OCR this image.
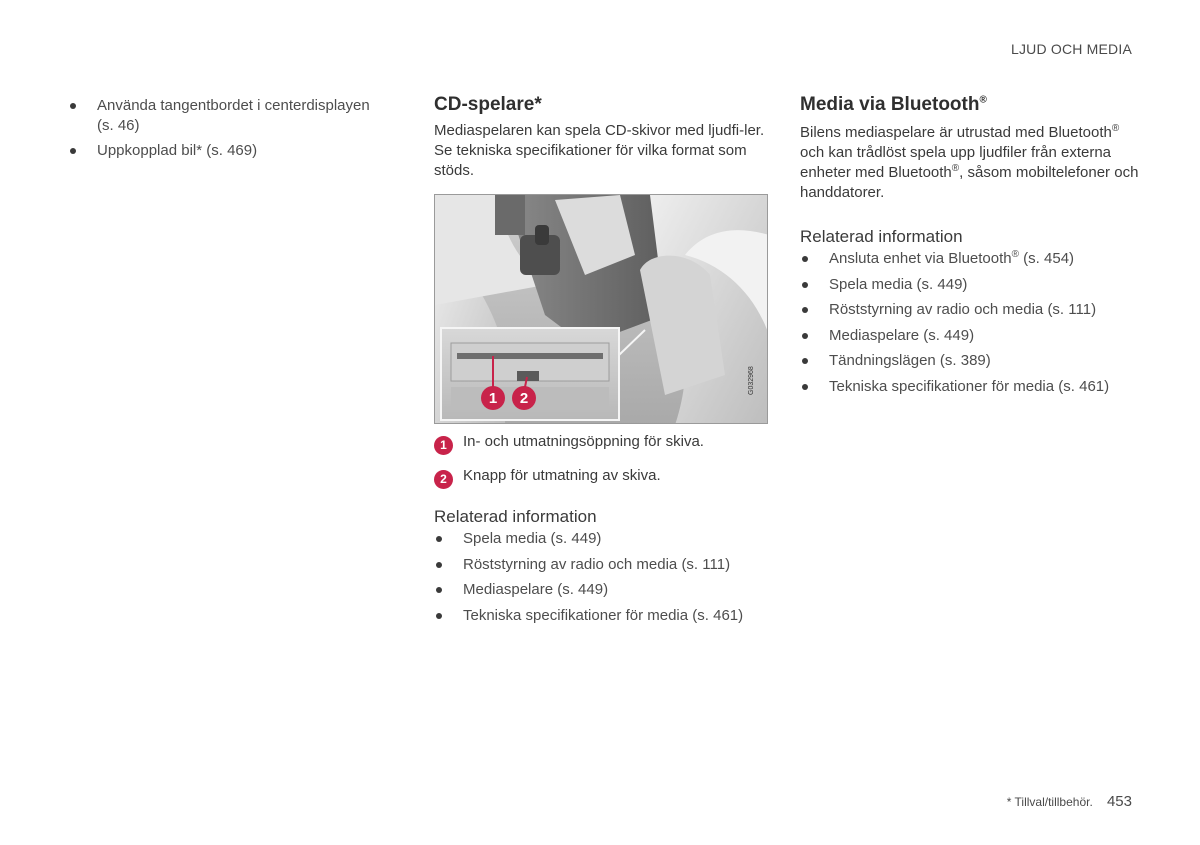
LJUD OCH MEDIA
Använda tangentbordet i centerdisplayen (s. 46)
Uppkopplad bil* (s. 469)
CD-spelare*

Mediaspelaren kan spela CD-skivor med ljudfi-ler. Se tekniska specifikationer för vilka format som stöds.

1 2
G032968
1	In- och utmatningsöppning för skiva.
2	Knapp för utmatning av skiva.
Relaterad information
Spela media (s. 449)
Röststyrning av radio och media (s. 111)
Mediaspelare (s. 449)
Tekniska specifikationer för media (s. 461)
Media via Bluetooth®

Bilens mediaspelare är utrustad med Bluetooth® och kan trådlöst spela upp ljudfiler från externa enheter med Bluetooth®, såsom mobiltelefoner och handdatorer.

Relaterad information
Ansluta enhet via Bluetooth® (s. 454)
Spela media (s. 449)
Röststyrning av radio och media (s. 111)
Mediaspelare (s. 449)
Tändningslägen (s. 389)
Tekniska specifikationer för media (s. 461)
* Tillval/tillbehör. 453
